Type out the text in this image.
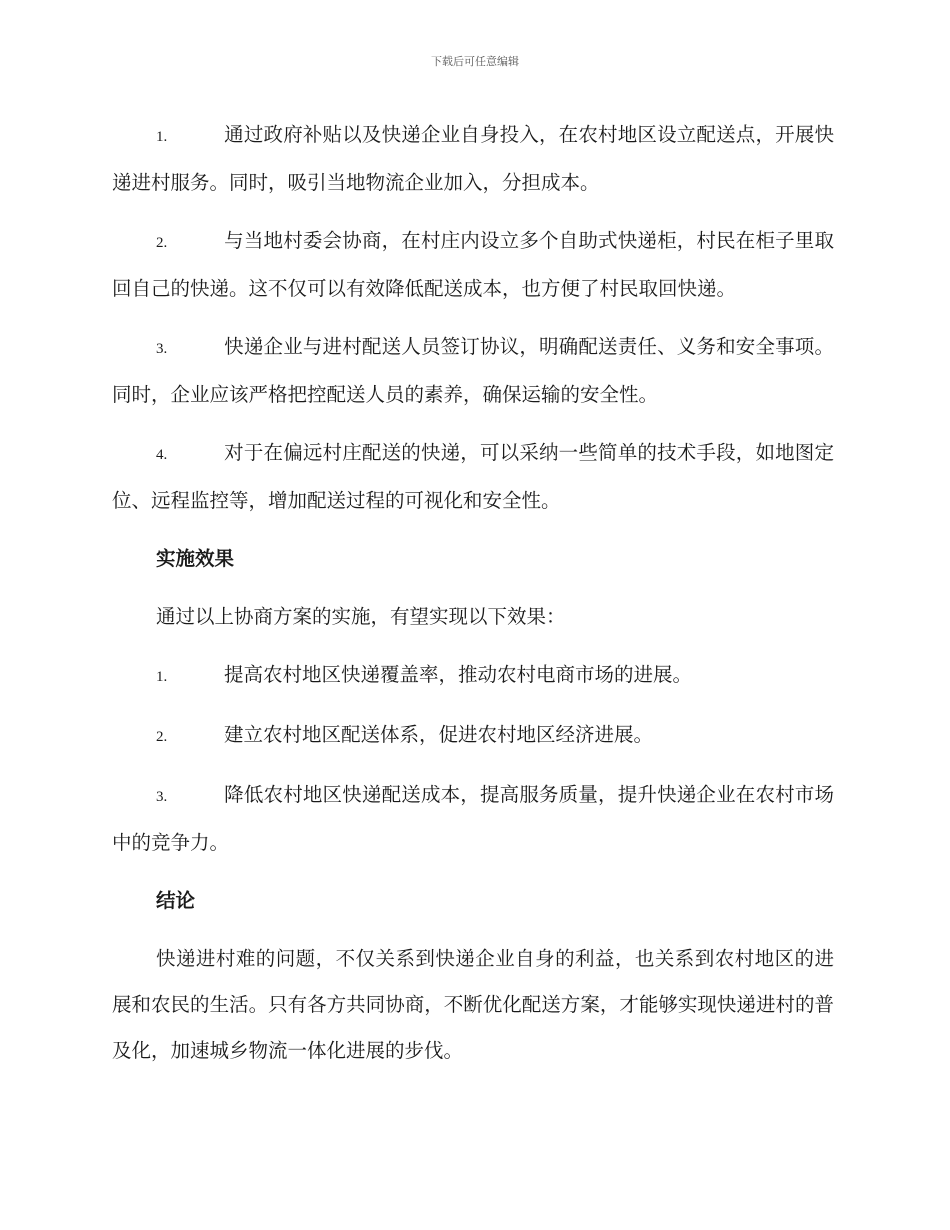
下载后可任意编辑

1.	通过政府补贴以及快递企业自身投入，在农村地区设立配送点，开展快递进村服务。同时，吸引当地物流企业加入，分担成本。

2.	与当地村委会协商，在村庄内设立多个自助式快递柜，村民在柜子里取回自己的快递。这不仅可以有效降低配送成本，也方便了村民取回快递。

3.	快递企业与进村配送人员签订协议，明确配送责任、义务和安全事项。同时，企业应该严格把控配送人员的素养，确保运输的安全性。

4.	对于在偏远村庄配送的快递，可以采纳一些简单的技术手段，如地图定位、远程监控等，增加配送过程的可视化和安全性。

实施效果

通过以上协商方案的实施，有望实现以下效果：

1.	提高农村地区快递覆盖率，推动农村电商市场的进展。

2.	建立农村地区配送体系，促进农村地区经济进展。

3.	降低农村地区快递配送成本，提高服务质量，提升快递企业在农村市场中的竞争力。

结论

快递进村难的问题，不仅关系到快递企业自身的利益，也关系到农村地区的进展和农民的生活。只有各方共同协商，不断优化配送方案，才能够实现快递进村的普及化，加速城乡物流一体化进展的步伐。
